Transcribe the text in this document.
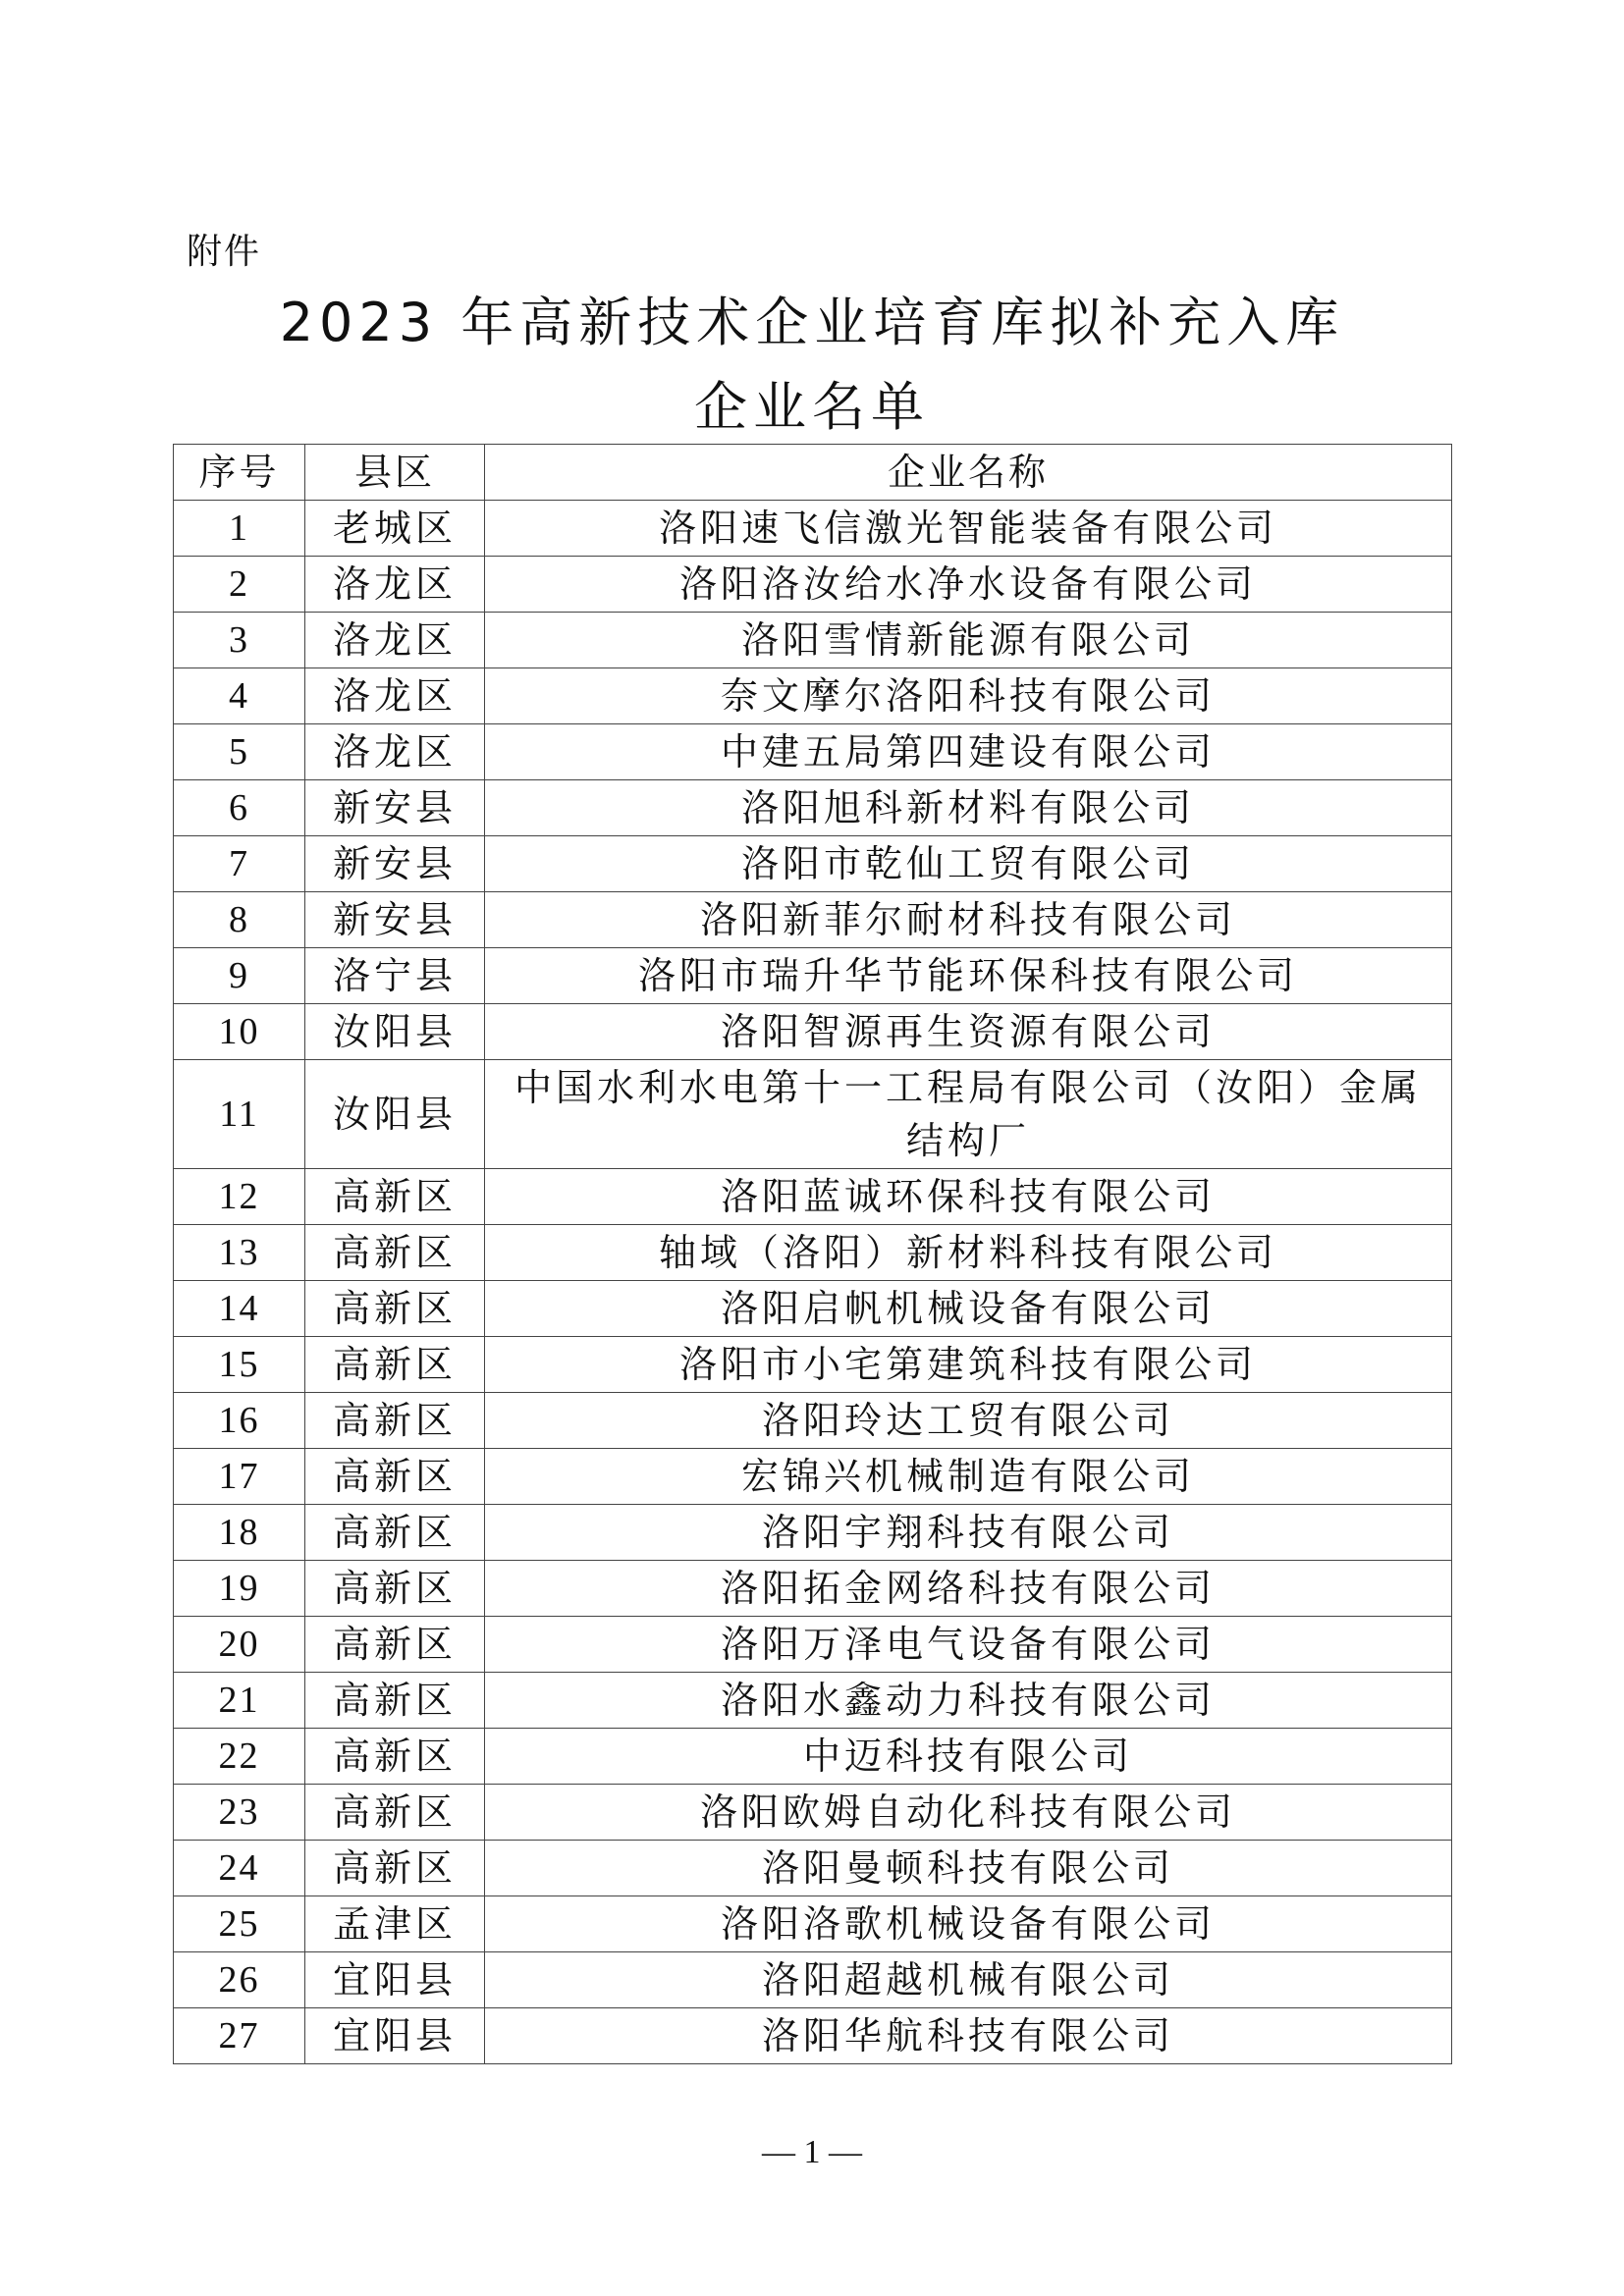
附件
2023 年高新技术企业培育库拟补充入库
企业名单
序号	县区	企业名称
1	老城区	洛阳速飞信激光智能装备有限公司
2	洛龙区	洛阳洛汝给水净水设备有限公司
3	洛龙区	洛阳雪情新能源有限公司
4	洛龙区	奈文摩尔洛阳科技有限公司
5	洛龙区	中建五局第四建设有限公司
6	新安县	洛阳旭科新材料有限公司
7	新安县	洛阳市乾仙工贸有限公司
8	新安县	洛阳新菲尔耐材科技有限公司
9	洛宁县	洛阳市瑞升华节能环保科技有限公司
10	汝阳县	洛阳智源再生资源有限公司
11	汝阳县	中国水利水电第十一工程局有限公司（汝阳）金属结构厂
12	高新区	洛阳蓝诚环保科技有限公司
13	高新区	轴域（洛阳）新材料科技有限公司
14	高新区	洛阳启帆机械设备有限公司
15	高新区	洛阳市小宅第建筑科技有限公司
16	高新区	洛阳玲达工贸有限公司
17	高新区	宏锦兴机械制造有限公司
18	高新区	洛阳宇翔科技有限公司
19	高新区	洛阳拓金网络科技有限公司
20	高新区	洛阳万泽电气设备有限公司
21	高新区	洛阳水鑫动力科技有限公司
22	高新区	中迈科技有限公司
23	高新区	洛阳欧姆自动化科技有限公司
24	高新区	洛阳曼顿科技有限公司
25	孟津区	洛阳洛歌机械设备有限公司
26	宜阳县	洛阳超越机械有限公司
27	宜阳县	洛阳华航科技有限公司
— 1 —
